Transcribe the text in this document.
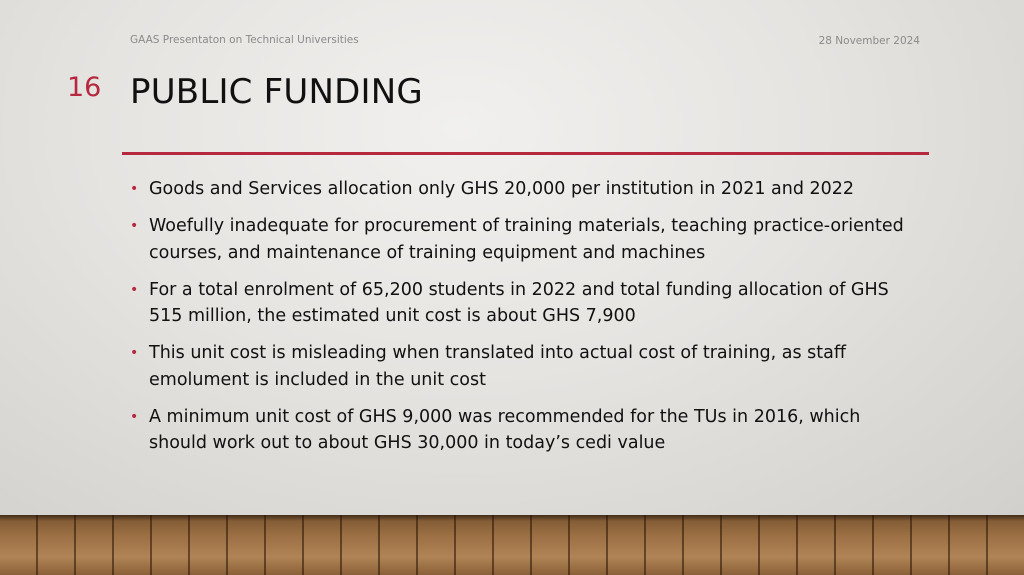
GAAS Presentaton on Technical Universities	28 November 2024
16 PUBLIC FUNDING
• Goods and Services allocation only GHS 20,000 per institution in 2021 and 2022
• Woefully inadequate for procurement of training materials, teaching practice-oriented courses, and maintenance of training equipment and machines
• For a total enrolment of 65,200 students in 2022 and total funding allocation of GHS 515 million, the estimated unit cost is about GHS 7,900
• This unit cost is misleading when translated into actual cost of training, as staff emolument is included in the unit cost
• A minimum unit cost of GHS 9,000 was recommended for the TUs in 2016, which should work out to about GHS 30,000 in today’s cedi value
